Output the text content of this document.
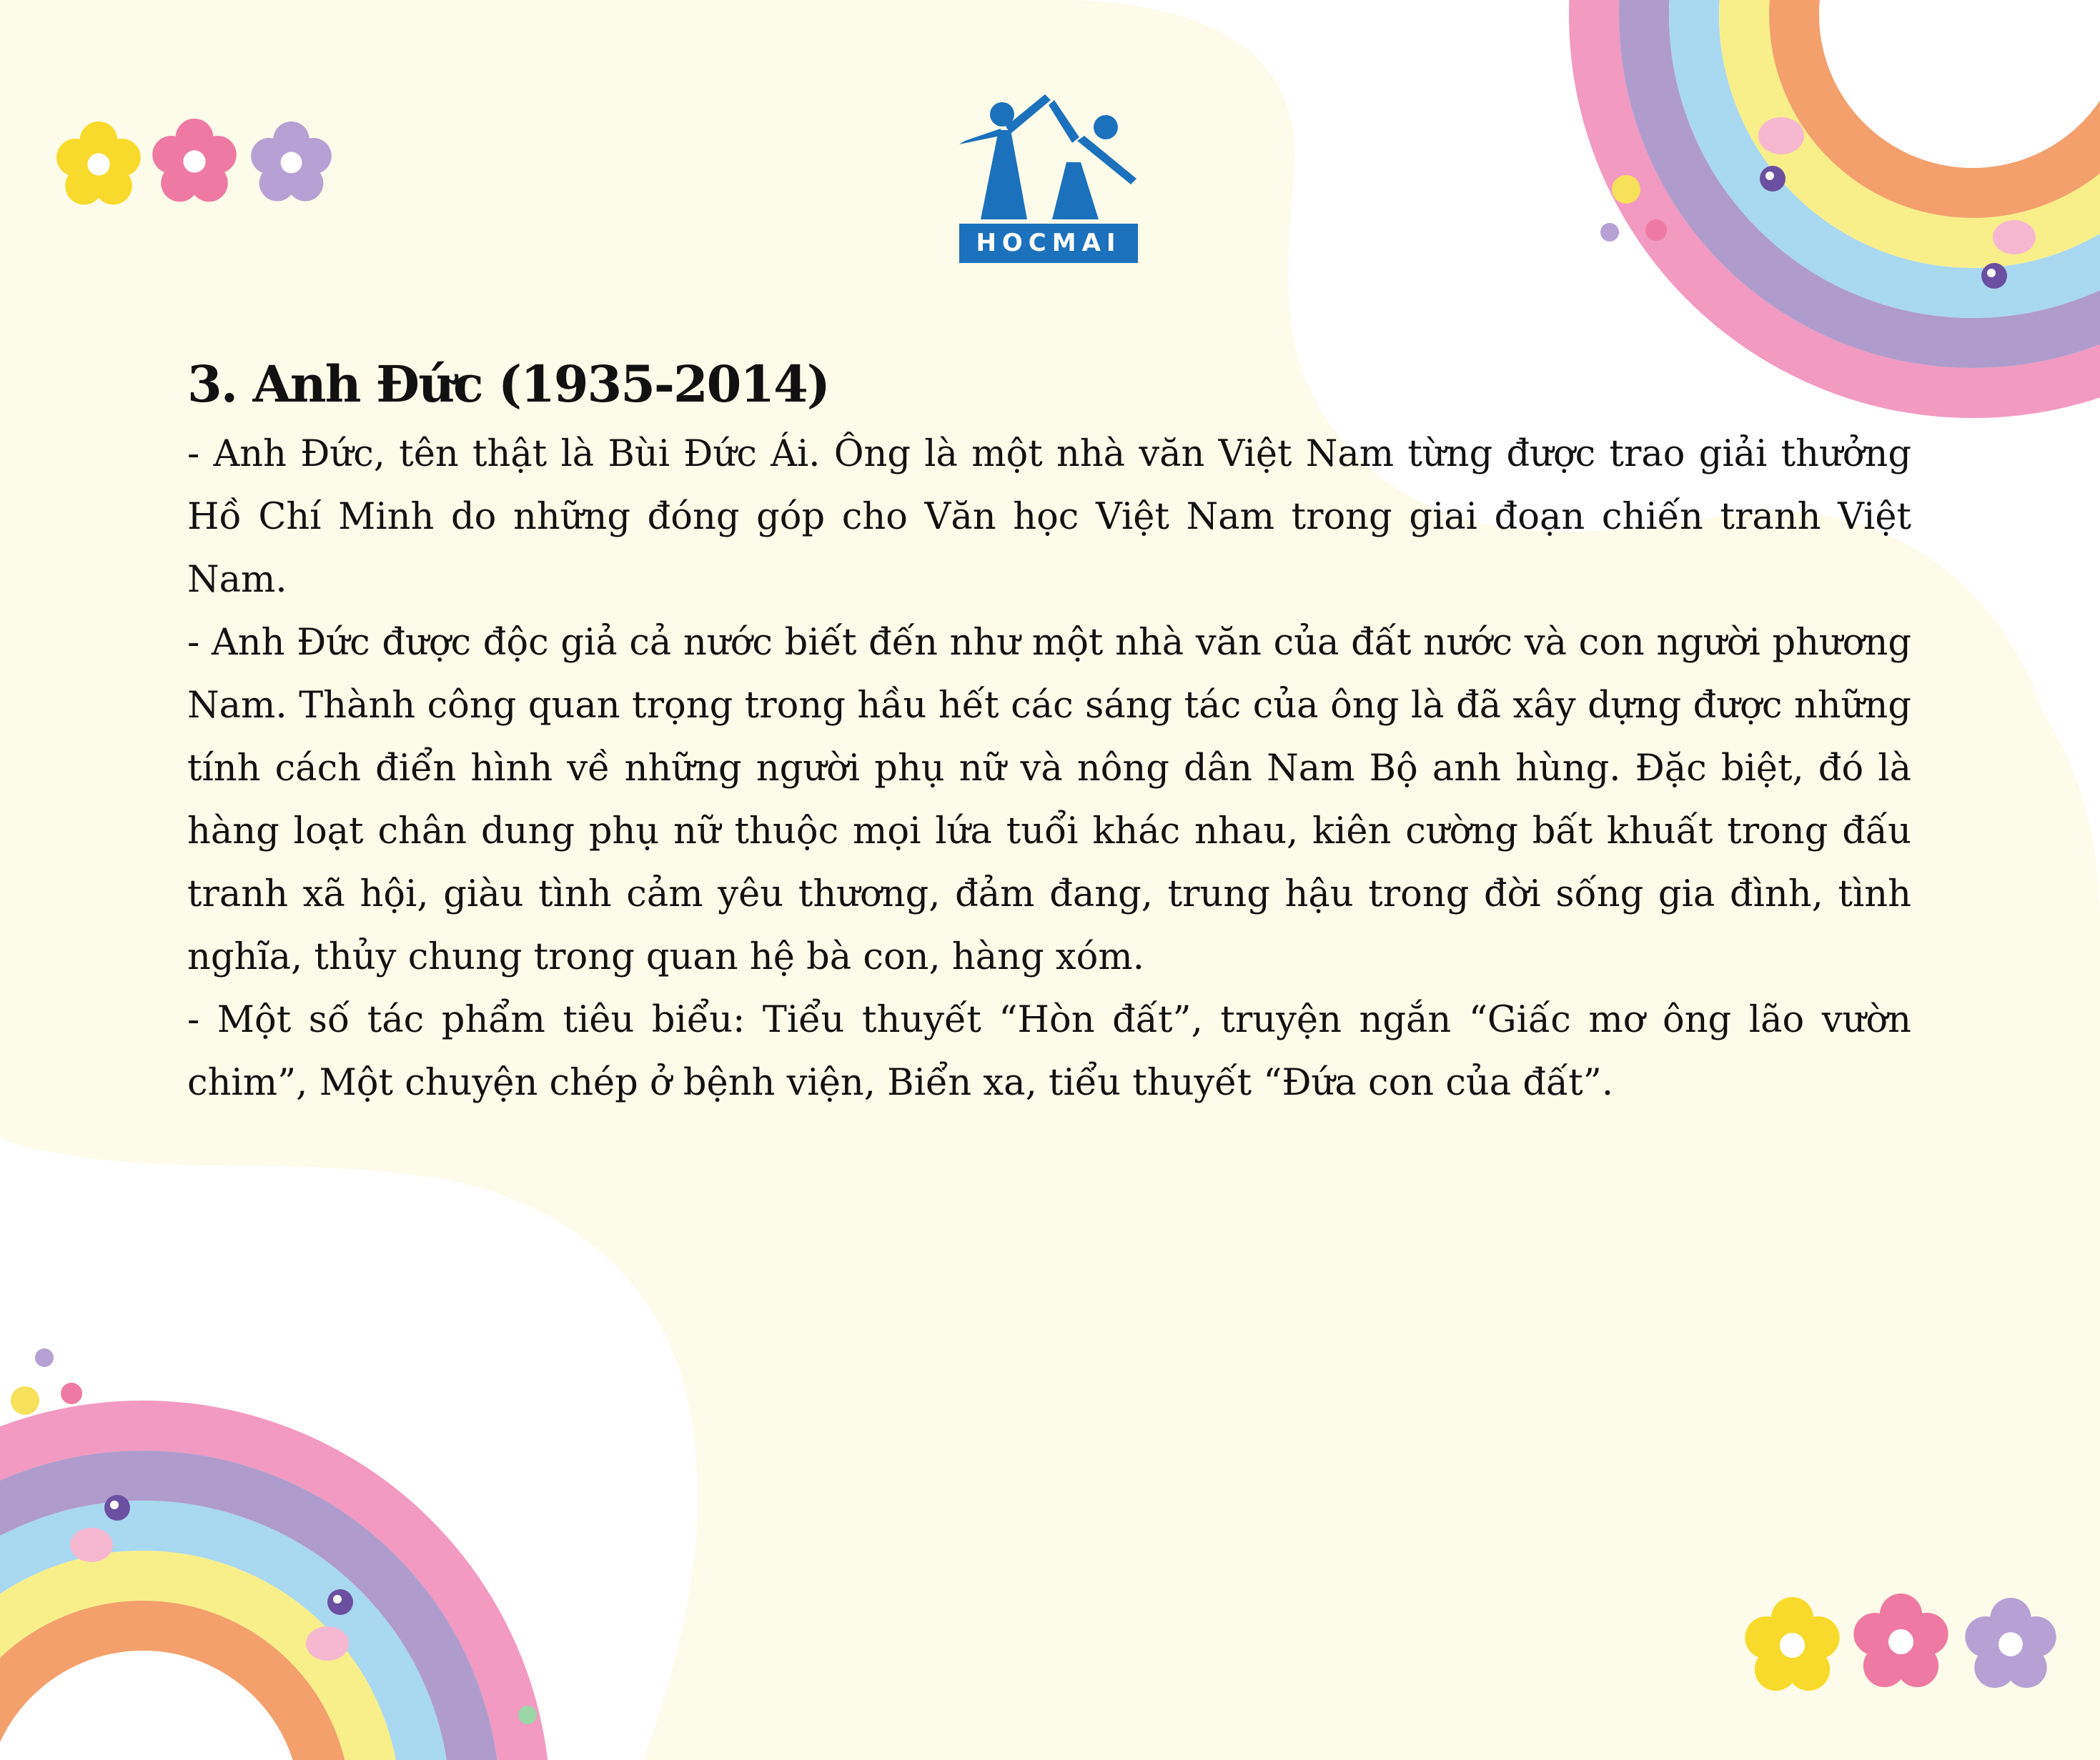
HOCMAI
3. Anh Đức (1935-2014)

- Anh Đức, tên thật là Bùi Đức Ái. Ông là một nhà văn Việt Nam từng được trao giải thưởng Hồ Chí Minh do những đóng góp cho Văn học Việt Nam trong giai đoạn chiến tranh Việt Nam.

- Anh Đức được độc giả cả nước biết đến như một nhà văn của đất nước và con người phương Nam. Thành công quan trọng trong hầu hết các sáng tác của ông là đã xây dựng được những tính cách điển hình về những người phụ nữ và nông dân Nam Bộ anh hùng. Đặc biệt, đó là hàng loạt chân dung phụ nữ thuộc mọi lứa tuổi khác nhau, kiên cường bất khuất trong đấu tranh xã hội, giàu tình cảm yêu thương, đảm đang, trung hậu trong đời sống gia đình, tình nghĩa, thủy chung trong quan hệ bà con, hàng xóm.

- Một số tác phẩm tiêu biểu: Tiểu thuyết “Hòn đất”, truyện ngắn “Giấc mơ ông lão vườn chim”, Một chuyện chép ở bệnh viện, Biển xa, tiểu thuyết “Đứa con của đất”.
